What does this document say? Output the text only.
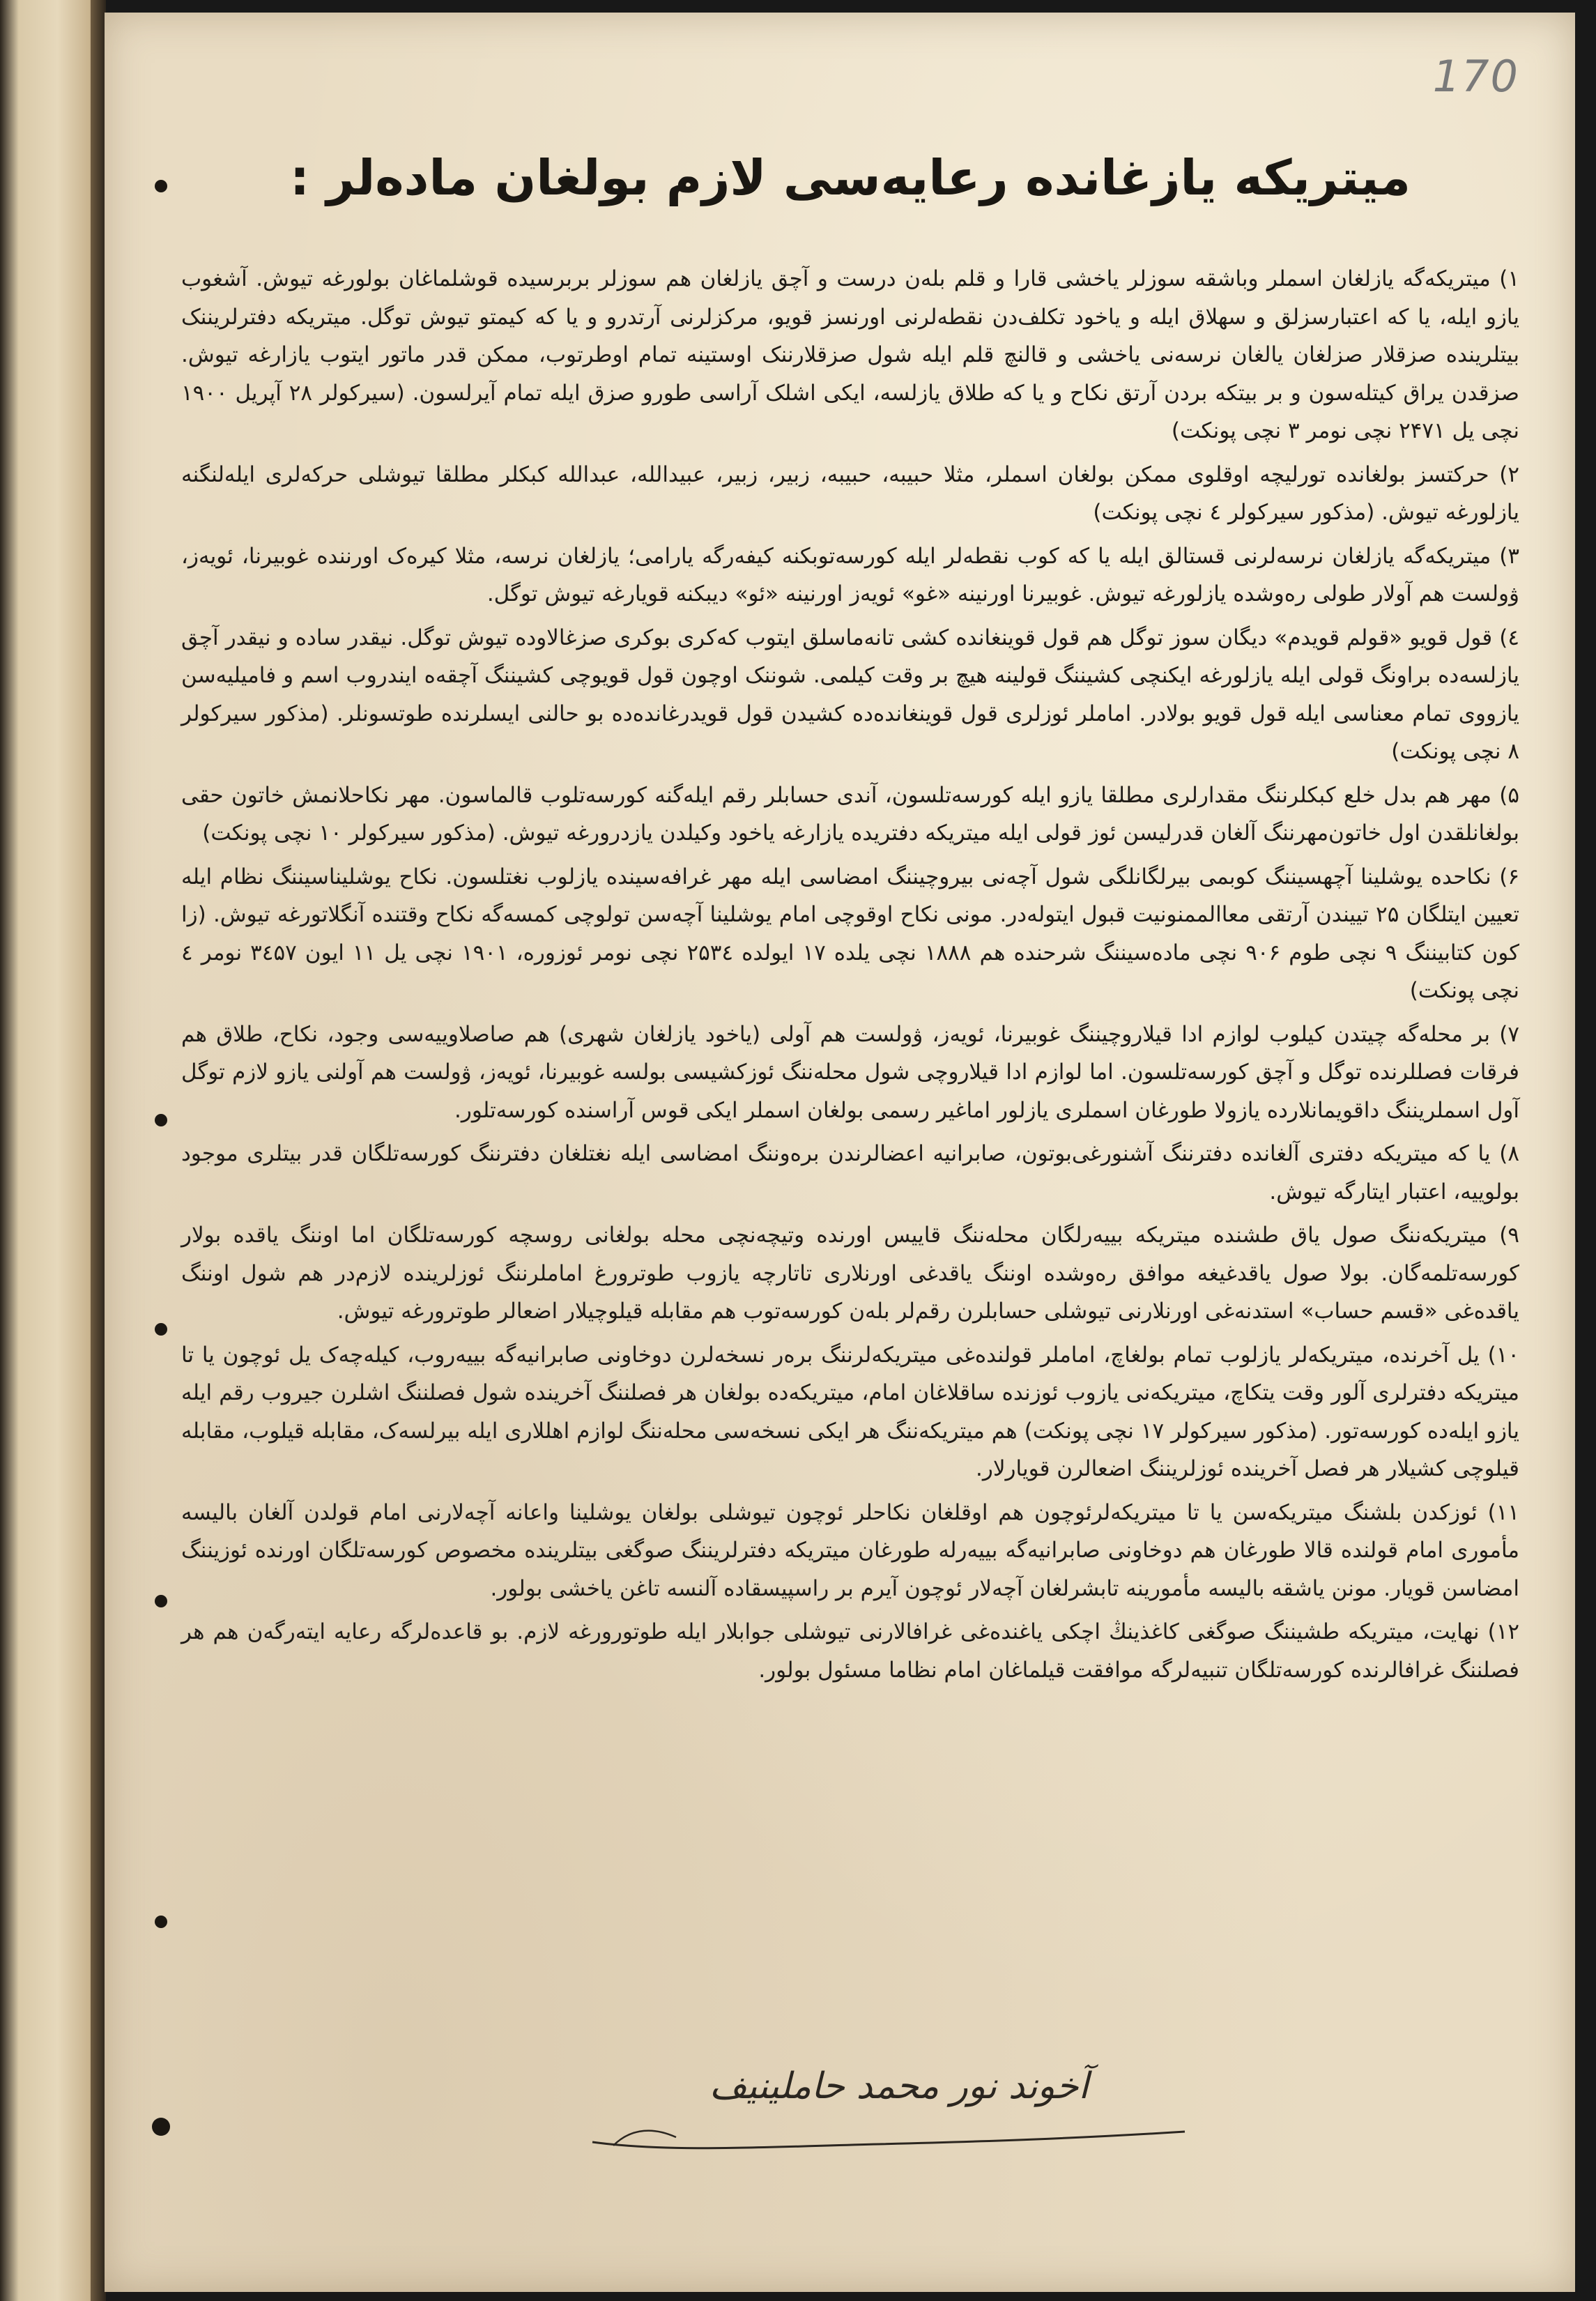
170
میتریکه یازغانده رعایه‌سی لازم بولغان ماده‌لر :

۱) میتریکه‌گه یازلغان اسملر وباشقه سوزلر یاخشی قارا و قلم بله‌ن درست و آچق یازلغان هم سوزلر بربرسیده قوشلماغان بولورغه تیوش. آشغوب یازو ایله، یا که اعتبارسزلق و سهلاق ایله و یاخود تکلف‌دن نقطه‌لرنی اورنسز قویو، مرکزلرنی آرتدرو و یا که کیمتو تیوش توگل. میتریکه دفترلریننک بیتلرینده صزقلار صزلغان یالغان نرسه‌نی یاخشی و قالنچ قلم ایله شول صزقلارننک اوستینه تمام اوطرتوب، ممکن قدر ماتور ایتوب یازارغه تیوش. صزقدن یراق کیتله‌سون و بر بیتکه بردن آرتق نکاح و یا که طلاق یازلسه، ایکی اشلک آراسی طورو صزق ایله تمام آیرلسون. (سیرکولر ۲۸ آپریل ۱۹۰۰ نچی یل ۲۴۷۱ نچی نومر ۳ نچی پونکت)

۲) حرکتسز بولغانده تورلیچه اوقلوی ممکن بولغان اسملر، مثلا حبیبه، حبیبه، زبیر، زبیر، عبیدالله، عبدالله کبکلر مطلقا تیوشلی حرکه‌لری ایله‌لنگنه یازلورغه تیوش. (مذکور سیرکولر ٤ نچی پونکت)

۳) میتریکه‌گه یازلغان نرسه‌لرنی قستالق ایله یا که کوب نقطه‌لر ایله کورسه‌توبکنه کیفه‌رگه یارامی؛ یازلغان نرسه، مثلا کیره‌ک اورننده غوبیرنا، ئویه‌ز، ۋولست هم آولار طولی رەوشده یازلورغه تیوش. غوبیرنا اورنینه «غو» ئویه‌ز اورنینه «ئو» دیبکنه قویارغه تیوش توگل.

٤) قول قویو «قولم قویدم» دیگان سوز توگل هم قول قوینغانده کشی تانه‌ماسلق ایتوب که‌کری بوکری صزغالاوده تیوش توگل. نیقدر ساده و نیقدر آچق یازلسه‌ده براونگ قولی ایله یازلورغه ایکنچی کشیننگ قولینه هیچ بر وقت کیلمی. شوننک اوچون قول قویوچی کشیننگ آچقه‌ه ایندروب اسم و فامیلیه‌سن یازووی تمام معنا‌سی ایله قول قویو بولادر. اماملر ئوزلری قول قوینغانده‌ده کشیدن قول قویدرغانده‌ده بو حالنی ایسلرنده طوتسونلر. (مذکور سیرکولر ۸ نچی پونکت)

۵) مهر هم بدل خلع کبکلرننگ مقدارلری مطلقا یازو ایله کورسه‌تلسون، آندی حسابلر رقم ایله‌گنه کورسه‌تلوب قالماسون. مهر نکاحلانمش خاتون حقی بولغانلقدن اول خاتون‌مهرننگ آلغان قدرلیسن ئوز قولی ایله میتریکه دفتریده یازارغه یاخود وکیلدن یازدرورغه تیوش. (مذکور سیرکولر ۱۰ نچی پونکت)

۶) نکاحده یوشلینا آچهسیننگ کوبمی بیرلگانلگی شول آچه‌نی بیروچیننگ امضاسی ایله مهر غرافه‌سینده یازلوب نغتلسون. نکاح یوشلیناسیننگ نظام ایله تعیین ایتلگان ۲۵ تییندن آرتقی معاالممنونیت قبول ایتوله‌در. مونی نکاح اوقوچی امام یوشلینا آچه‌سن تولوچی کمسه‌گه نکاح وقتنده آنگلاتورغه تیوش. (زا کون کتابیننگ ۹ نچی طوم ۹۰۶ نچی ماده‌سیننگ شرحنده هم ۱۸۸۸ نچی یلده ۱۷ ایولده ۲۵۳٤ نچی نومر ئوزوره، ۱۹۰۱ نچی یل ۱۱ ایون ۳٤۵۷ نومر ٤ نچی پونکت)

۷) بر محله‌گه چیتدن کیلوب لوازم ادا قیلاروچیننگ غوبیرنا، ئویه‌ز، ۋولست هم آولی (یاخود یازلغان شهری) هم صاصلاوییه‌سی وجود، نکاح، طلاق هم فرقات فصللرنده توگل و آچق کورسه‌تلسون. اما لوازم ادا قیلاروچی شول محله‌ننگ ئوزکشیسی بولسه غوبیرنا، ئویه‌ز، ۋولست هم آولنی یازو لازم توگل آول اسملریننگ داقویمانلارده یازولا طورغان اسملری یازلور اماغیر رسمی بولغان اسملر ایکی قوس آراسنده کورسه‌تلور.

۸) یا که میتریکه دفتری آلغانده دفترننگ آشنورغی‌بوتون، صابرانیه اعضالرندن بره‌وننگ امضاسی ایله نغتلغان دفترننگ کورسه‌تلگان قدر بیتلری موجود بولوییه، اعتبار ایتارگه تیوش.

۹) میتریکه‌ننگ صول یاق طشنده میتریکه بییه‌رلگان محله‌ننگ قاییس اورنده وتیچه‌نچی محله بولغانی روسچه کورسه‌تلگان اما اوننگ یاقده بولار کورسه‌تلمه‌گان. بولا صول یاقدغیغه موافق رەوشده اوننگ یاقدغی اورنلاری تاتارچه یازوب طوترورغ اماملرننگ ئوزلرینده لازم‌در هم شول اوننگ یاقده‌غی «قسم حساب» استدنه‌غی اورنلارنی تیوشلی حسابلرن رقم‌لر بلەن کورسه‌توب هم مقابله قیلوچیلار اضعالر طوترورغه تیوش.

۱۰) یل آخرنده، میتریکه‌لر یازلوب تمام بولغاچ، اماملر قولنده‌غی میتریکه‌لرننگ بره‌ر نسخه‌لرن دوخاونی صابرانیه‌گه بییه‌روب، کیله‌چەک یل ئوچون یا تا میتریکه دفترلری آلور وقت یتکاچ، میتریکه‌نی یازوب ئوزنده ساقلاغان امام، میتریکه‌ده بولغان هر فصلننگ آخرینده شول فصلننگ اشلرن جیروب رقم ایله یازو ایلەده کورسه‌تور. (مذکور سیرکولر ۱۷ نچی پونکت) هم میتریکه‌ننگ هر ایکی نسخه‌سی محله‌ننگ لوازم اهللاری ایله بیرلسه‌ک، مقابله قیلوب، مقابله قیلوچی کشیلار هر فصل آخرینده ئوزلریننگ اضعالرن قویارلار.

۱۱) ئوزکدن بلشنگ میتریکه‌سن یا تا میتریکه‌لرئوچون هم اوقلغان نکاحلر ئوچون تیوشلی بولغان یوشلینا واعانه آچه‌لارنی امام قولدن آلغان بالیسه مأموری امام قولنده قالا طورغان هم دوخاونی صابرانیه‌گه بییه‌رله طورغان میتریکه دفترلریننگ صوگغی بیتلرینده مخصوص کورسه‌تلگان اورنده ئوزیننگ امضاسن قویار. مونن یاشقه بالیسه مأمورینه تابشرلغان آچه‌لار ئوچون آیرم بر راسپیسقاده آلنسه تاغن یاخشی بولور.

۱۲) نهایت، میتریکه طشیننگ صوگغی کاغذینڭ اچکی یاغنده‌غی غرافالارنی تیوشلی جوابلار ایله طوتورورغه لازم. بو قاعده‌لرگه رعایه ایته‌رگەن هم هر فصلننگ غرافالرنده کورسه‌تلگان تنبیه‌لرگه موافقت قیلماغان امام نظاما مسئول بولور.

آخوند نور محمد حاملینیف
